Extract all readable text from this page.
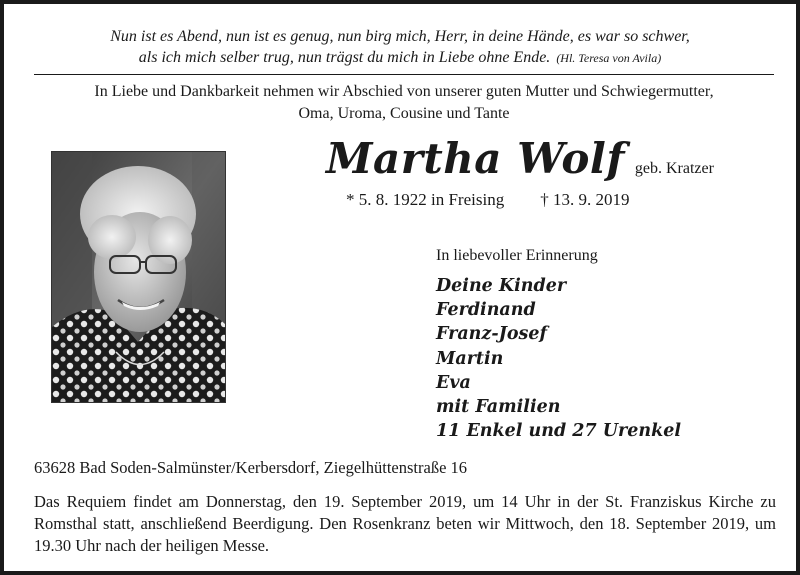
Nun ist es Abend, nun ist es genug, nun birg mich, Herr, in deine Hände, es war so schwer,
als ich mich selber trug, nun trägst du mich in Liebe ohne Ende. (Hl. Teresa von Avila)
In Liebe und Dankbarkeit nehmen wir Abschied von unserer guten Mutter und Schwiegermutter,
Oma, Uroma, Cousine und Tante
Martha Wolf geb. Kratzer
* 5. 8. 1922 in Freising † 13. 9. 2019
In liebevoller Erinnerung
Deine Kinder
Ferdinand
Franz-Josef
Martin
Eva
mit Familien
11 Enkel und 27 Urenkel
63628 Bad Soden-Salmünster/Kerbersdorf, Ziegelhüttenstraße 16
Das Requiem findet am Donnerstag, den 19. September 2019, um 14 Uhr in der St. Franziskus Kirche zu Romsthal statt, anschließend Beerdigung. Den Rosenkranz beten wir Mittwoch, den 18. September 2019, um 19.30 Uhr nach der heiligen Messe.
